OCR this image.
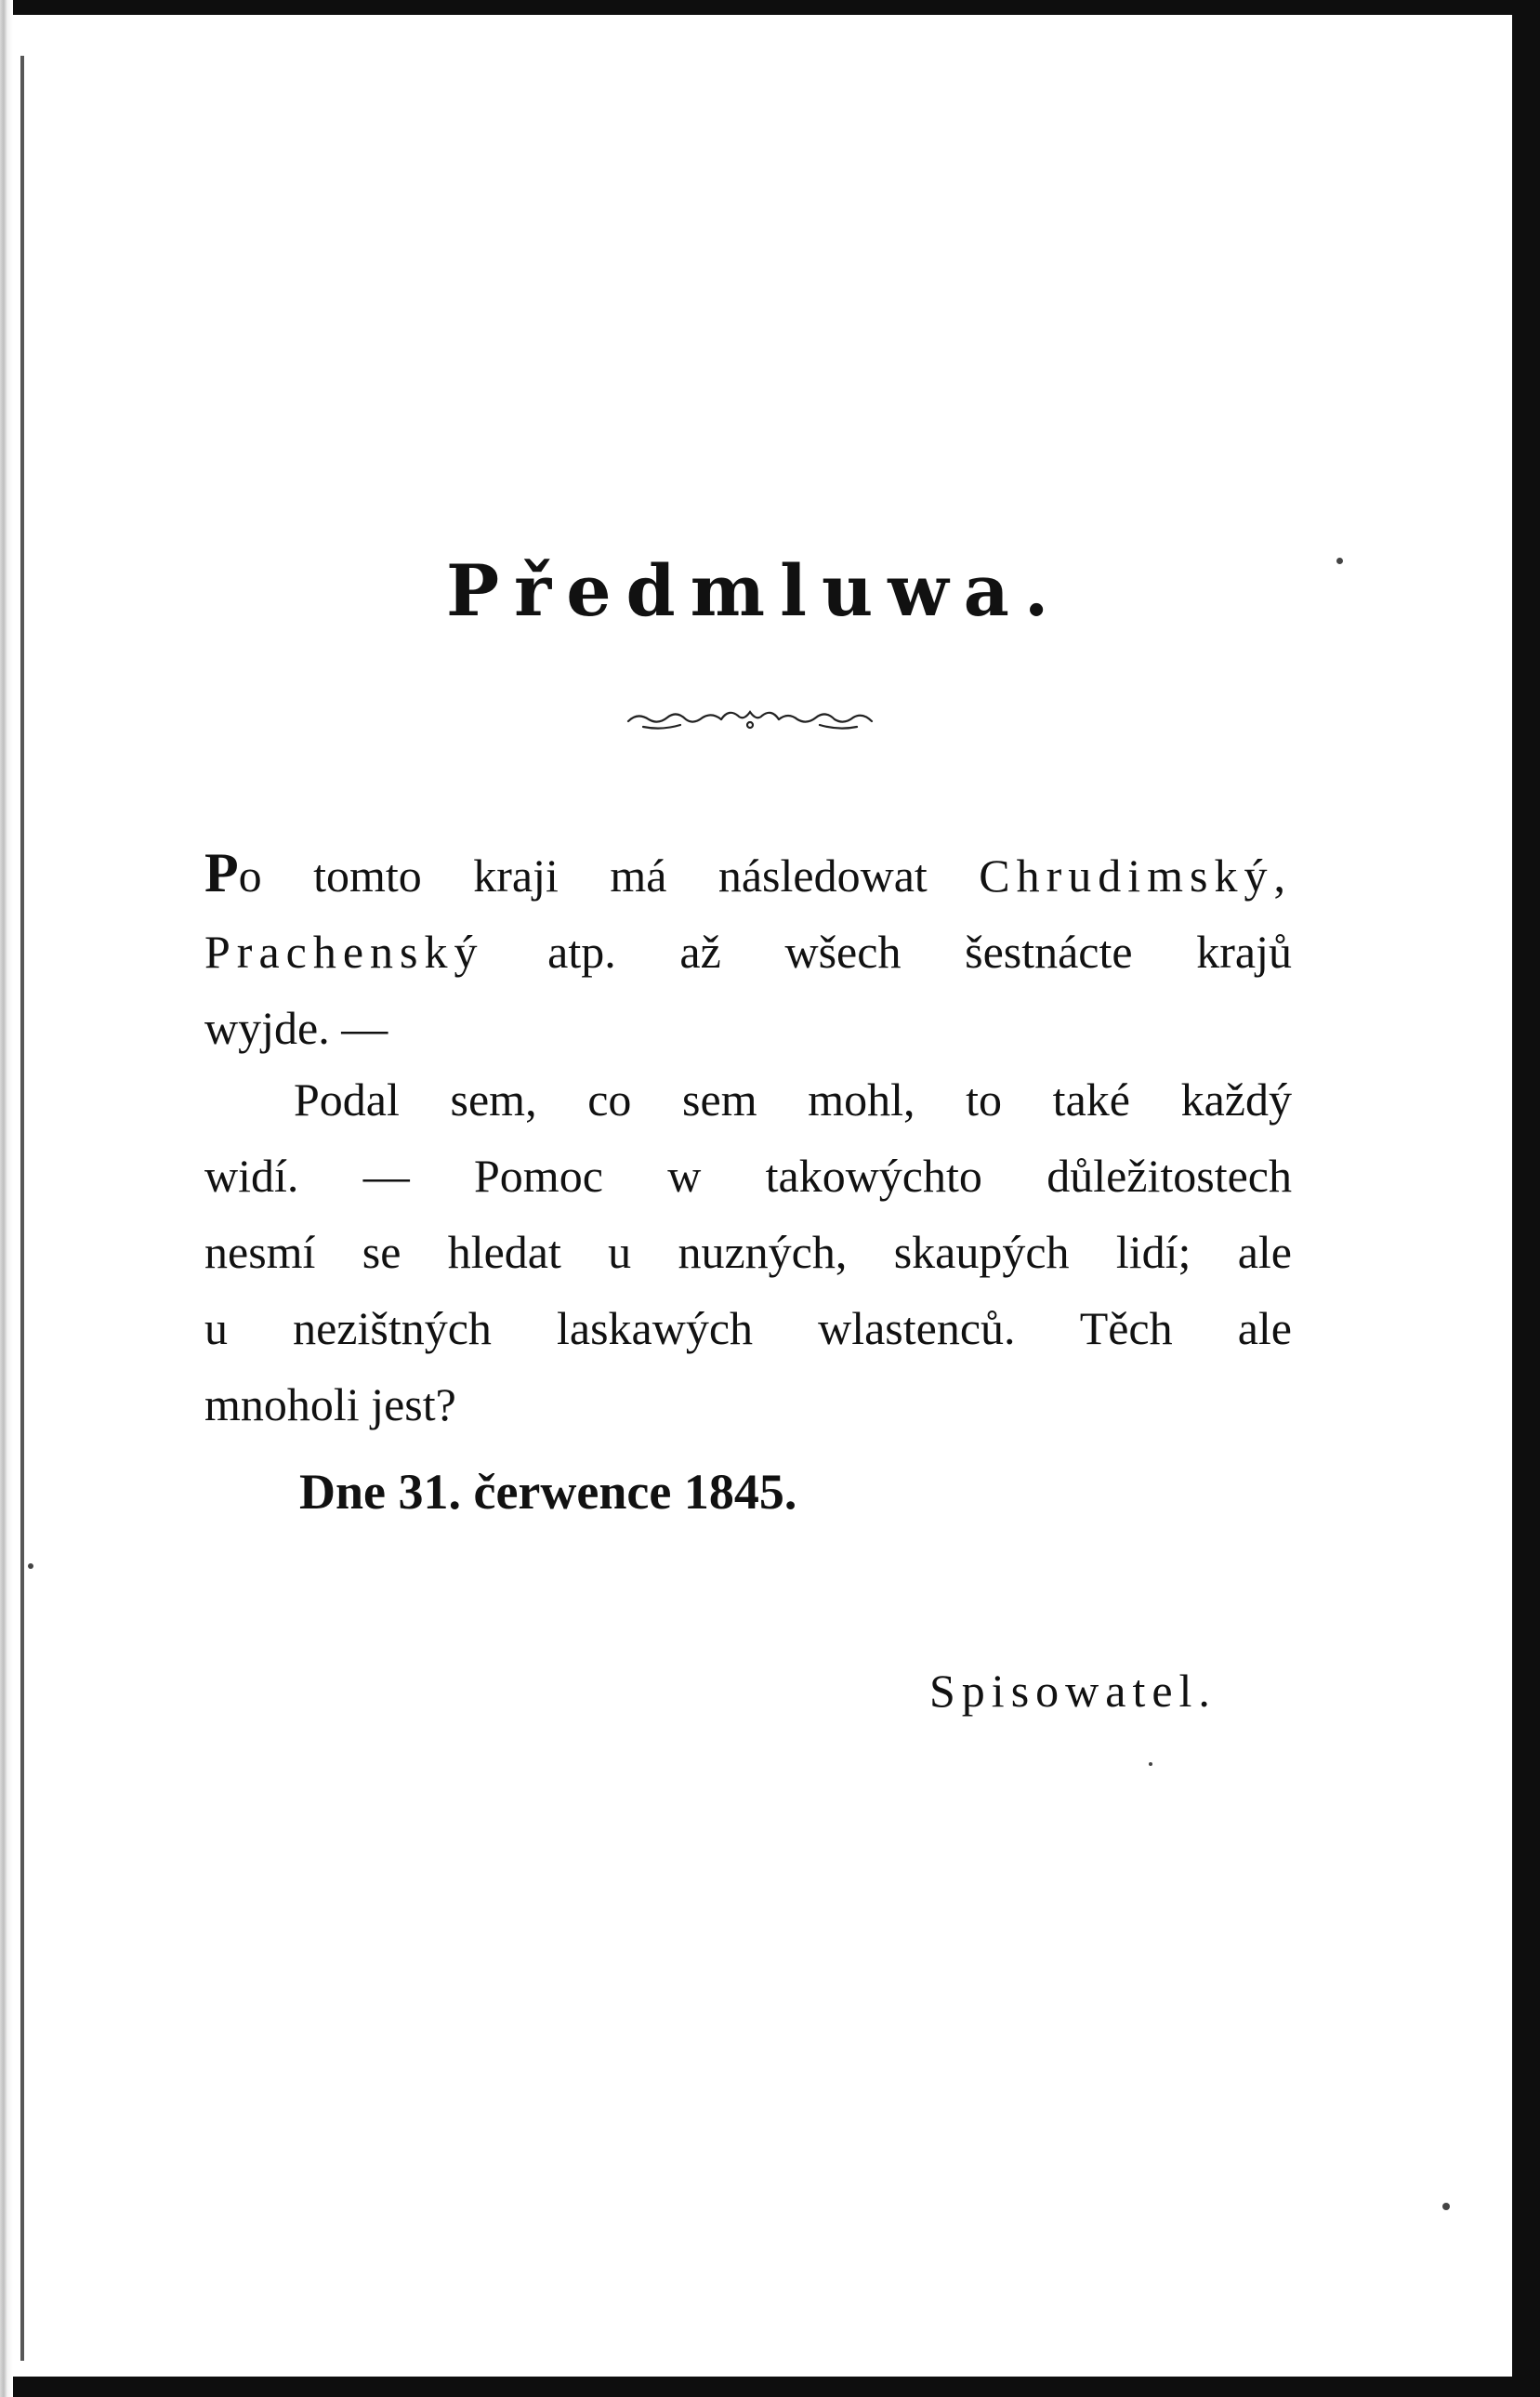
Předmluwa.
Po tomto kraji má následowat Chrudimský,
Prachenský atp. až wšech šestnácte krajů
wyjde. —
Podal sem, co sem mohl, to také každý
widí. — Pomoc w takowýchto důležitostech
nesmí se hledat u nuzných, skaupých lidí; ale
u nezištných laskawých wlastenců. Těch ale
mnoholi jest?
Dne 31. čerwence 1845.
Spisowatel.
